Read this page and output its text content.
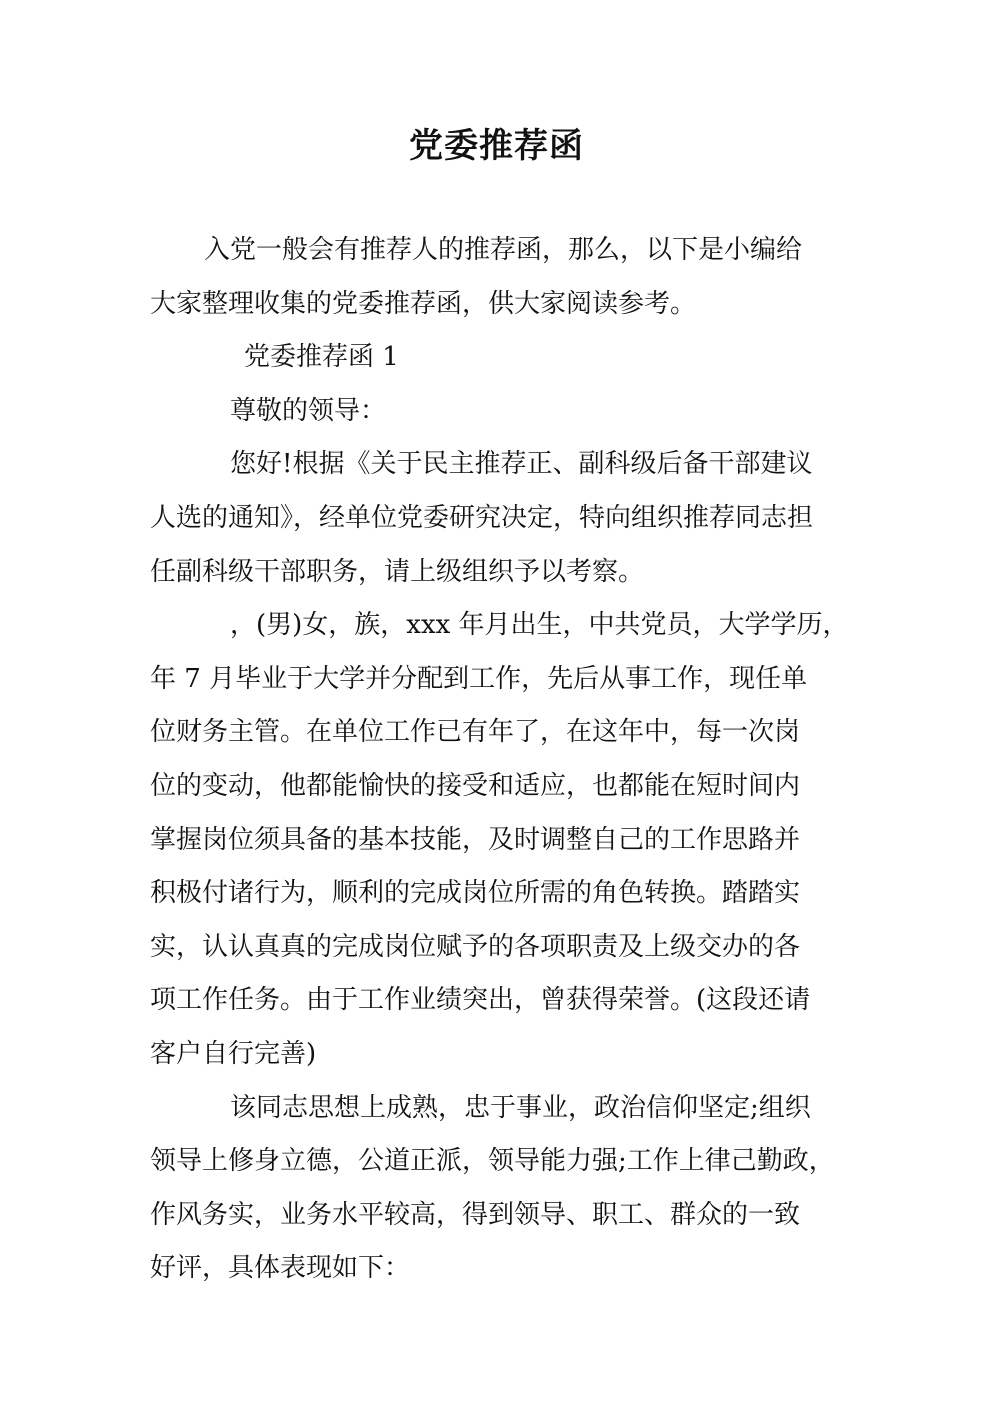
党委推荐函
入党一般会有推荐人的推荐函，那么，以下是小编给
大家整理收集的党委推荐函，供大家阅读参考。
党委推荐函 1
尊敬的领导：
您好!根据《关于民主推荐正、副科级后备干部建议
人选的通知》，经单位党委研究决定，特向组织推荐同志担
任副科级干部职务，请上级组织予以考察。
，(男)女，族，xxx 年月出生，中共党员，大学学历，
年 7 月毕业于大学并分配到工作，先后从事工作，现任单
位财务主管。在单位工作已有年了，在这年中，每一次岗
位的变动，他都能愉快的接受和适应，也都能在短时间内
掌握岗位须具备的基本技能，及时调整自己的工作思路并
积极付诸行为，顺利的完成岗位所需的角色转换。踏踏实
实，认认真真的完成岗位赋予的各项职责及上级交办的各
项工作任务。由于工作业绩突出，曾获得荣誉。(这段还请
客户自行完善)
该同志思想上成熟，忠于事业，政治信仰坚定;组织
领导上修身立德，公道正派，领导能力强;工作上律己勤政，
作风务实，业务水平较高，得到领导、职工、群众的一致
好评，具体表现如下：
